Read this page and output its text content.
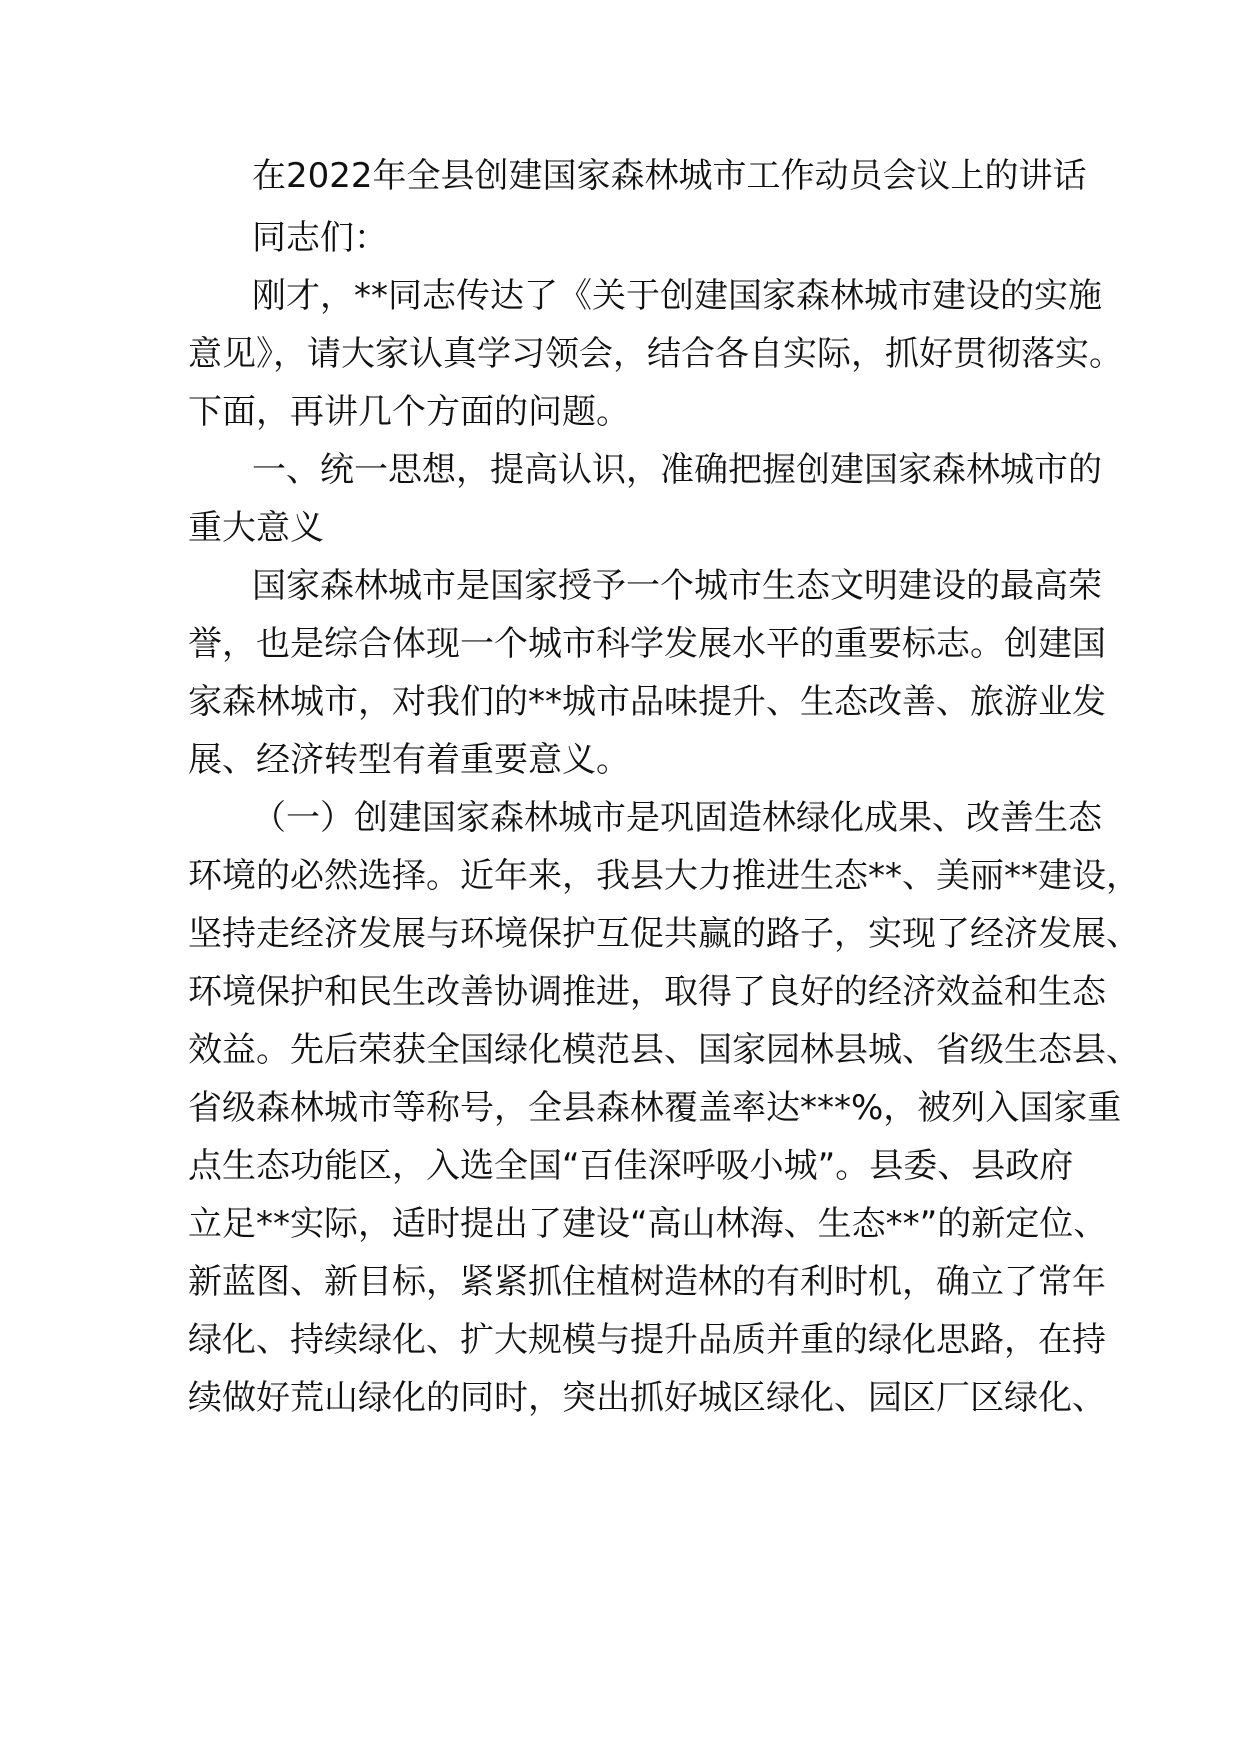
在2022年全县创建国家森林城市工作动员会议上的讲话
同志们：
刚才，**同志传达了《关于创建国家森林城市建设的实施
意见》，请大家认真学习领会，结合各自实际，抓好贯彻落实。
下面，再讲几个方面的问题。
一、统一思想，提高认识，准确把握创建国家森林城市的
重大意义
国家森林城市是国家授予一个城市生态文明建设的最高荣
誉，也是综合体现一个城市科学发展水平的重要标志。创建国
家森林城市，对我们的**城市品味提升、生态改善、旅游业发
展、经济转型有着重要意义。
（一）创建国家森林城市是巩固造林绿化成果、改善生态
环境的必然选择。近年来，我县大力推进生态**、美丽**建设，
坚持走经济发展与环境保护互促共赢的路子，实现了经济发展、
环境保护和民生改善协调推进，取得了良好的经济效益和生态
效益。先后荣获全国绿化模范县、国家园林县城、省级生态县、
省级森林城市等称号，全县森林覆盖率达***%，被列入国家重
点生态功能区，入选全国“百佳深呼吸小城”。县委、县政府
立足**实际，适时提出了建设“高山林海、生态**”的新定位、
新蓝图、新目标，紧紧抓住植树造林的有利时机，确立了常年
绿化、持续绿化、扩大规模与提升品质并重的绿化思路，在持
续做好荒山绿化的同时，突出抓好城区绿化、园区厂区绿化、
